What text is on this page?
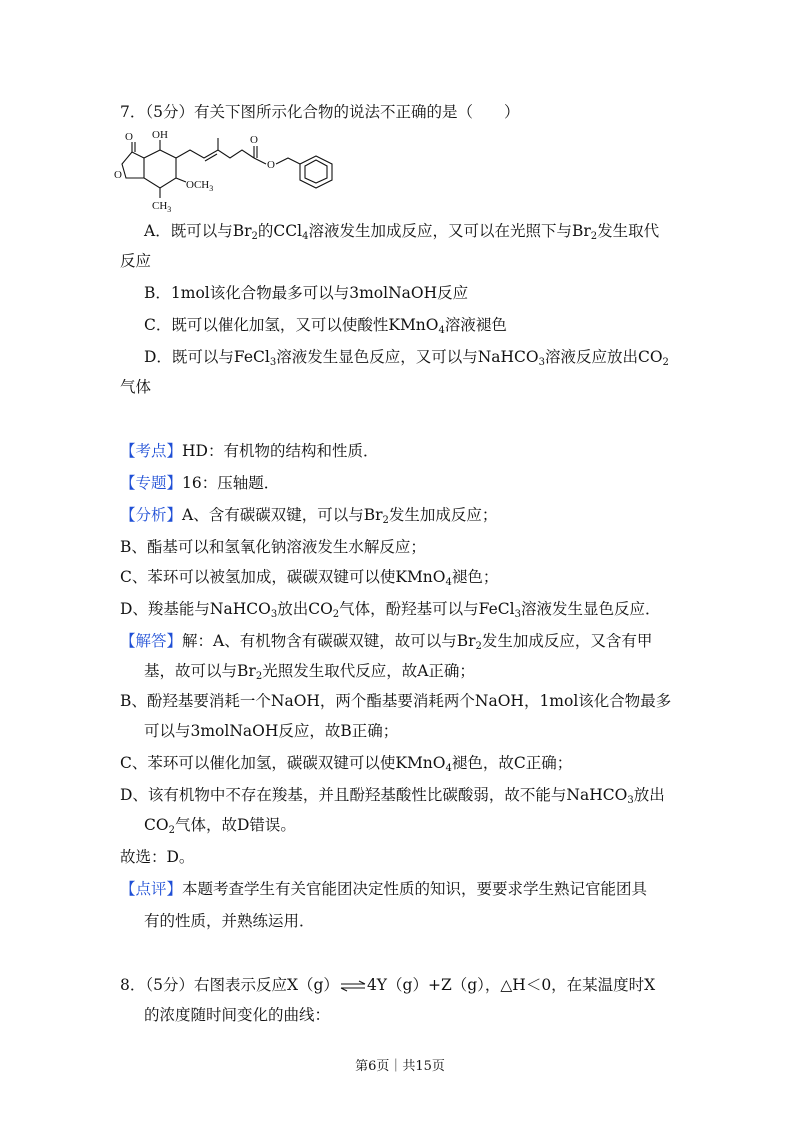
7．（5分）有关下图所示化合物的说法不正确的是（　　）
O OH
O
O
O
$OCH_3$
$CH_3$
A．既可以与$Br_2$的CCl$_4$溶液发生加成反应，又可以在光照下与$Br_2$发生取代
反应
B．1mol该化合物最多可以与3molNaOH反应
C．既可以催化加氢，又可以使酸性KMnO$_4$溶液褪色
D．既可以与FeCl$_3$溶液发生显色反应，又可以与NaHCO$_3$溶液反应放出$CO_2$
气体
【考点】HD：有机物的结构和性质．
【专题】16：压轴题．
【分析】A、含有碳碳双键，可以与$Br_2$发生加成反应；
B、酯基可以和氢氧化钠溶液发生水解反应；
C、苯环可以被氢加成，碳碳双键可以使KMnO$_4$褪色；
D、羧基能与NaHCO$_3$放出$CO_2$气体，酚羟基可以与FeCl$_3$溶液发生显色反应．
【解答】解：A、有机物含有碳碳双键，故可以与$Br_2$发生加成反应，又含有甲
基，故可以与$Br_2$光照发生取代反应，故A正确；
B、酚羟基要消耗一个NaOH，两个酯基要消耗两个NaOH，1mol该化合物最多
可以与3molNaOH反应，故B正确；
C、苯环可以催化加氢，碳碳双键可以使KMnO$_4$褪色，故C正确；
D、该有机物中不存在羧基，并且酚羟基酸性比碳酸弱，故不能与NaHCO$_3$放出
$CO_2$气体，故D错误。
故选：D。
【点评】本题考查学生有关官能团决定性质的知识，要要求学生熟记官能团具
有的性质，并熟练运用．
8．（5分）右图表示反应X（g）⇌4Y（g）+Z（g），△H＜0，在某温度时X
的浓度随时间变化的曲线：
第6页｜共15页
